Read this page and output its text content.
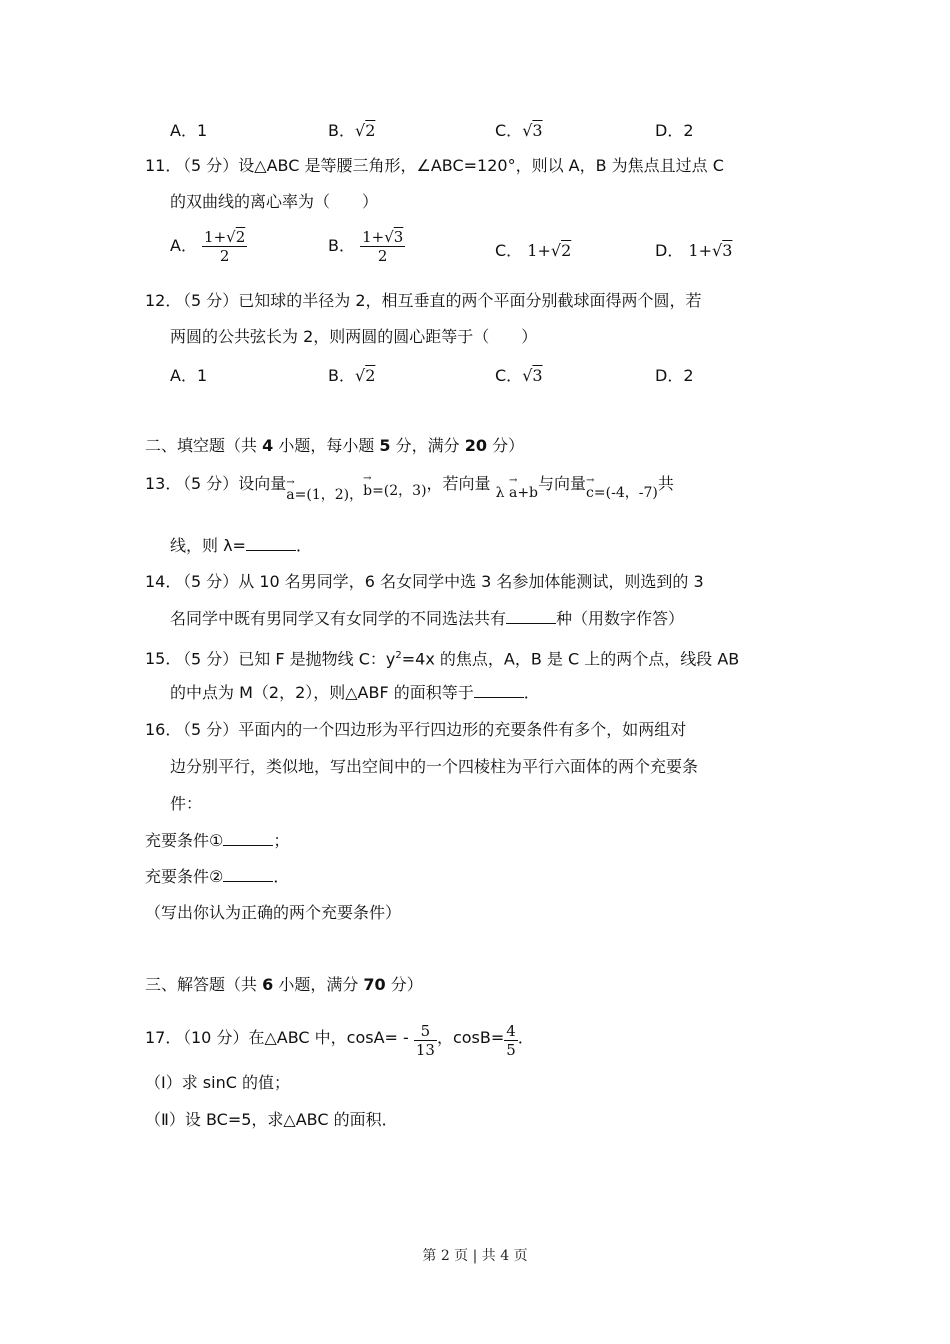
A．1	B．√2	C．√3	D．2
11．（5 分）设△ABC 是等腰三角形，∠ABC=120°，则以 A，B 为焦点且过点 C
的双曲线的离心率为（　　）
A． $\frac{1+√2}{2}$	B． $\frac{1+√3}{2}$	C． 1+√2	D． 1+√3
12．（5 分）已知球的半径为 2，相互垂直的两个平面分别截球面得两个圆，若
两圆的公共弦长为 2，则两圆的圆心距等于（　　）
A．1	B．√2	C．√3	D．2
二、填空题（共 4 小题，每小题 5 分，满分 20 分）
13．（5 分）设向量→ a=(1，2)，→ b=(2，3)，若向量 λ → a+b与向量→ c=(-4，-7)共
线，则 λ=	．
14．（5 分）从 10 名男同学，6 名女同学中选 3 名参加体能测试，则选到的 3
名同学中既有男同学又有女同学的不同选法共有	种（用数字作答）
15．（5 分）已知 F 是抛物线 C：$y^2=4x$ 的焦点，A，B 是 C 上的两个点，线段 AB
的中点为 M（2，2），则△ABF 的面积等于	．
16．（5 分）平面内的一个四边形为平行四边形的充要条件有多个，如两组对
边分别平行，类似地，写出空间中的一个四棱柱为平行六面体的两个充要条
件：
充要条件①	；
充要条件②	．
（写出你认为正确的两个充要条件）
三、解答题（共 6 小题，满分 70 分）
17．（10 分）在△ABC 中，$\cos A= - \frac{5}{13}$ ，$\cos B= \frac{4}{5}$ ．
（Ⅰ）求 sinC 的值；
（Ⅱ）设 BC=5，求△ABC 的面积．
第 2 页 | 共 4 页
